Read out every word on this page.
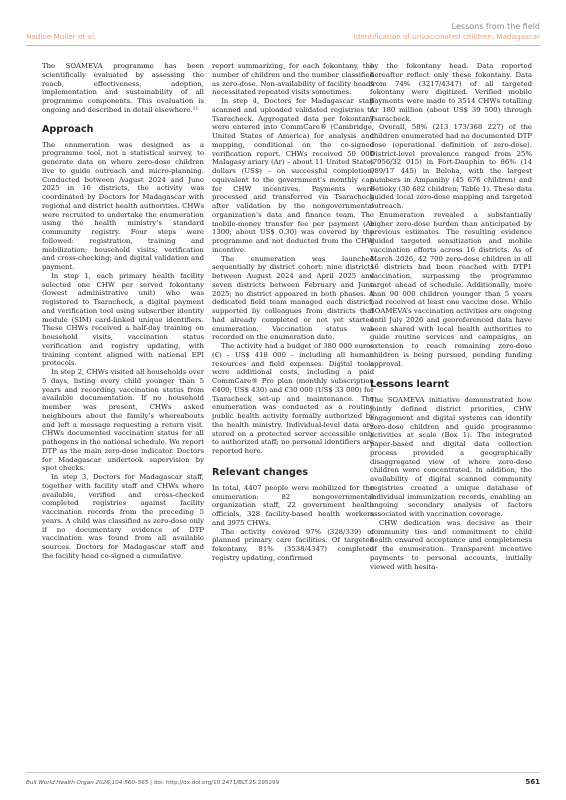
Nadine Muller et al.
Lessons from the field
Identification of unvaccinated children, Madagascar

The SOAMEVA programme has been scientifically evaluated by assessing the reach, effectiveness, adoption, implementation and sustainability of all programme components. This evaluation is ongoing and described in detail elsewhere.¹¹

Approach

The enumeration was designed as a programme tool, not a statistical survey, to generate data on where zero-dose children live to guide outreach and micro-planning. Conducted between August 2024 and June 2025 in 16 districts, the activity was coordinated by Doctors for Madagascar with regional and district health authorities. CHWs were recruited to undertake the enumeration using the health ministry’s standard community registry. Four steps were followed: registration, training and mobilization; household visits; verification and cross-checking; and digital validation and payment.

In step 1, each primary health facility selected one CHW per served fokontany (lowest administrative unit) who was registered to Tsaracheck, a digital payment and verification tool using subscriber identity module (SIM) card-linked unique identifiers. These CHWs received a half-day training on household visits, vaccination status verification and registry updating, with training content aligned with national EPI protocols.

In step 2, CHWs visited all households over 5 days, listing every child younger than 5 years and recording vaccination status from available documentation. If no household member was present, CHWs asked neighbours about the family’s whereabouts and left a message requesting a return visit. CHWs documented vaccination status for all pathogens in the national schedule. We report DTP as the main zero-dose indicator. Doctors for Madagascar undertook supervision by spot checks.

In step 3, Doctors for Madagascar staff, together with facility staff and CHWs where available, verified and cross-checked completed registries against facility vaccination records from the preceding 5 years. A child was classified as zero-dose only if no documentary evidence of DTP vaccination was found from all available sources. Doctors for Madagascar staff and the facility head co-signed a cumulative

report summarizing, for each fokontany, the number of children and the number classified as zero-dose. Non-availability of facility heads necessitated repeated visits sometimes.

In step 4, Doctors for Madagascar staff scanned and uploaded validated registries to Tsaracheck. Aggregated data per fokontany were entered into CommCare® (Cambridge, United States of America) for analysis and mapping, conditional on the co-signed verification report. CHWs received 50 000 Malagasy ariary (Ar) – about 11 United States dollars (US$) – on successful completion, equivalent to the government’s monthly cap for CHW incentives. Payments were processed and transferred via Tsaracheck after validation by the nongovernmental organization’s data and finance team. The mobile-money transfer fee per payment (Ar 1300; about US$ 0.30) was covered by the programme and not deducted from the CHW incentive.

The enumeration was launched sequentially by district cohort: nine districts between August 2024 and April 2025 and seven districts between February and June 2025; no district appeared in both phases. A dedicated field team managed each district, supported by colleagues from districts that had already completed or not yet started enumeration. Vaccination status was recorded on the enumeration date.

The activity had a budget of 380 000 euros (€) – US$ 418 000 – including all human resources and field expenses. Digital tools were additional costs, including a paid CommCare® Pro plan (monthly subscription €400; US$ 430) and €30 000 (US$ 33 000) for Tsaracheck set-up and maintenance. The enumeration was conducted as a routine public health activity formally authorized by the health ministry. Individual-level data are stored on a protected server accessible only to authorized staff; no personal identifiers are reported here.

Relevant changes

In total, 4407 people were mobilized for the enumeration: 82 nongovernmental organization staff, 22 government health officials, 328 facility-based health workers and 3975 CHWs.

The activity covered 97% (328/339) of planned primary care facilities. Of targeted fokontany, 81% (3538/4347) completed registry updating, confirmed

by the fokontany head. Data reported hereafter reflect only these fokontany. Data from 74% (3217/4347) of all targeted fokontany were digitized. Verified mobile payments were made to 3514 CHWs totalling Ar 180 million (about US$ 39 500) through Tsaracheck.

Overall, 58% (213 173/368 227) of the children enumerated had no documented DTP dose (operational definition of zero-dose). District-level prevalence ranged from 25% (7956/32 015) in Fort-Dauphin to 86% (14 989/17 445) in Beloha, with the largest numbers in Ampanihy (45 676 children) and Betioky (30 682 children; Table 1). These data guided local zero-dose mapping and targeted outreach.

Enumeration revealed a substantially higher zero-dose burden than anticipated by previous estimates. The resulting evidence guided targeted sensitization and mobile vaccination efforts across 16 districts. As of March 2026, 42 700 zero-dose children in all 16 districts had been reached with DTP1 vaccination, surpassing the programme target ahead of schedule. Additionally, more than 90 000 children younger than 5 years had received at least one vaccine dose. While SOAMEVA’s vaccination activities are ongoing until July 2026 and georeferenced data have been shared with local health authorities to guide routine services and campaigns, an extension to reach remaining zero-dose children is being pursued, pending funding approval.

Lessons learnt

The SOAMEVA initiative demonstrated how jointly defined district priorities, CHW engagement and digital systems can identify zero-dose children and guide programme activities at scale (Box 1). The integrated paper-based and digital data collection process provided a geographically disaggregated view of where zero-dose children were concentrated. In addition, the availability of digital scanned community registries created a unique database of individual immunization records, enabling an ongoing secondary analysis of factors associated with vaccination coverage.

CHW dedication was decisive as their community ties and commitment to child health ensured acceptance and completeness of the enumeration. Transparent incentive payments to personal accounts, initially viewed with hesita-

Bull World Health Organ 2026;104:560–565 | doi: http://dx.doi.org/10.2471/BLT.25.295299	561
